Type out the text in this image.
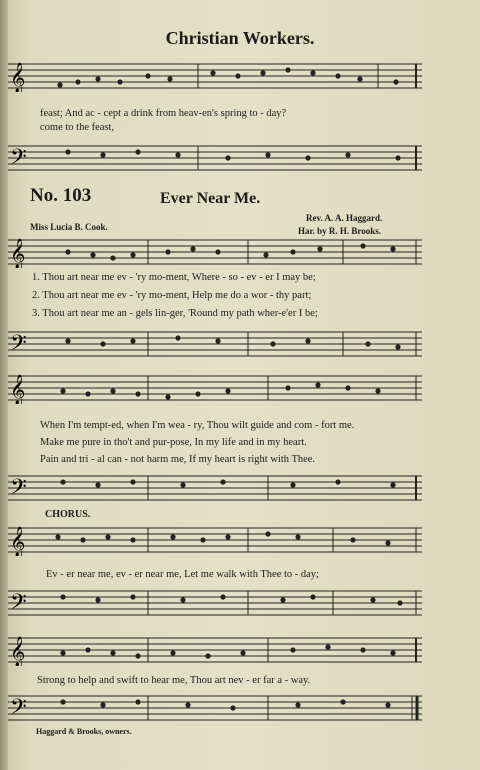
Christian Workers.
𝄞
feast; And ac - cept a drink from heav-en's spring to - day?
come to the feast,
𝄢
No. 103	Ever Near Me.
Miss Lucia B. Cook.
Rev. A. A. Haggard.
Har. by R. H. Brooks.
𝄞
1. Thou art near me ev - 'ry mo-ment, Where - so - ev - er I may be;
2. Thou art near me ev - 'ry mo-ment, Help me do a wor - thy part;
3. Thou art near me an - gels lin-ger, 'Round my path wher-e'er I be;
𝄢
𝄞
When I'm tempt-ed, when I'm wea - ry, Thou wilt guide and com - fort me.
Make me pure in tho't and pur-pose, In my life and in my heart.
Pain and tri - al can - not harm me, If my heart is right with Thee.
𝄢
CHORUS.
𝄞
Ev - er near me, ev - er near me, Let me walk with Thee to - day;
𝄢
𝄞
Strong to help and swift to hear me, Thou art nev - er far a - way.
𝄢
Haggard & Brooks, owners.
